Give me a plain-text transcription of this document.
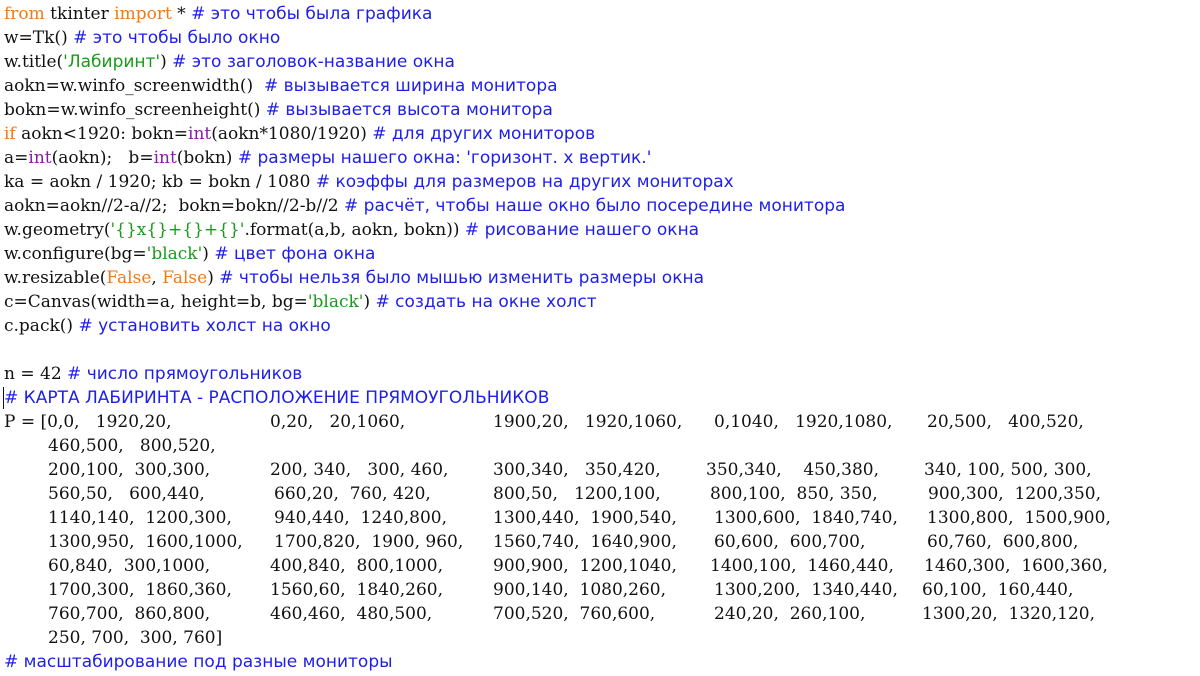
from tkinter import * # это чтобы была графика
w=Tk() # это чтобы было окно
w.title('Лабиринт') # это заголовок-название окна
aokn=w.winfo_screenwidth()  # вызывается ширина монитора
bokn=w.winfo_screenheight() # вызывается высота монитора
if aokn<1920: bokn=int(aokn*1080/1920) # для других мониторов
a=int(aokn);   b=int(bokn) # размеры нашего окна: 'горизонт. х вертик.'
ka = aokn / 1920; kb = bokn / 1080 # коэффы для размеров на других мониторах
aokn=aokn//2-a//2;  bokn=bokn//2-b//2 # расчёт, чтобы наше окно было посередине монитора
w.geometry('{}x{}+{}+{}'.format(a,b, aokn, bokn)) # рисование нашего окна
w.configure(bg='black') # цвет фона окна
w.resizable(False, False) # чтобы нельзя было мышью изменить размеры окна
c=Canvas(width=a, height=b, bg='black') # создать на окне холст
c.pack() # установить холст на окно
n = 42 # число прямоугольников
# КАРТА ЛАБИРИНТА - РАСПОЛОЖЕНИЕ ПРЯМОУГОЛЬНИКОВ
P = [0,0,   1920,20,	0,20,   20,1060,	1900,20,   1920,1060, 0,1040,   1920,1080, 20,500,   400,520,
460,500,   800,520,
200,100,  300,300,	200, 340,   300, 460,	300,340,   350,420,	350,340,    450,380,	340, 100, 500, 300,
560,50,   600,440,	660,20,  760, 420,	800,50,   1200,100,	800,100,  850, 350,	900,300,  1200,350,
1140,140,  1200,300, 940,440,  1240,800,	1300,440,  1900,540, 1300,600,  1840,740, 1300,800,  1500,900,
1300,950,  1600,1000, 1700,820,  1900, 960, 1560,740,  1640,900, 60,600,  600,700,	60,760,  600,800,
60,840,  300,1000,	400,840,  800,1000,	900,900,  1200,1040, 1400,100,  1460,440, 1460,300,  1600,360,
1700,300,  1860,360, 1560,60,  1840,260,	900,140,  1080,260,	1300,200,  1340,440, 60,100,  160,440,
760,700,  860,800,	460,460,  480,500,	700,520,  760,600,	240,20,  260,100,	1300,20,  1320,120,
250, 700,  300, 760]
# масштабирование под разные мониторы
